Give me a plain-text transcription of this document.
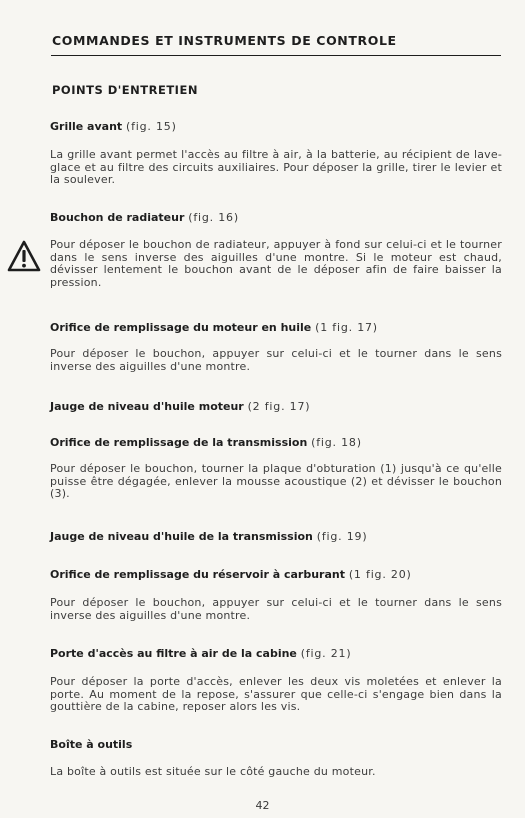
COMMANDES ET INSTRUMENTS DE CONTROLE
POINTS D'ENTRETIEN
Grille avant (fig. 15)
La grille avant permet l'accès au filtre à air, à la batterie, au récipient de lave-glace et au filtre des circuits auxiliaires. Pour déposer la grille, tirer le levier et la soulever.
Bouchon de radiateur (fig. 16)
Pour déposer le bouchon de radiateur, appuyer à fond sur celui-ci et le tourner dans le sens inverse des aiguilles d'une montre. Si le moteur est chaud, dévisser lentement le bouchon avant de le déposer afin de faire baisser la pression.
Orifice de remplissage du moteur en huile (1 fig. 17)
Pour déposer le bouchon, appuyer sur celui-ci et le tourner dans le sens inverse des aiguilles d'une montre.
Jauge de niveau d'huile moteur (2 fig. 17)
Orifice de remplissage de la transmission (fig. 18)
Pour déposer le bouchon, tourner la plaque d'obturation (1) jusqu'à ce qu'elle puisse être dégagée, enlever la mousse acoustique (2) et dévisser le bouchon (3).
Jauge de niveau d'huile de la transmission (fig. 19)
Orifice de remplissage du réservoir à carburant (1 fig. 20)
Pour déposer le bouchon, appuyer sur celui-ci et le tourner dans le sens inverse des aiguilles d'une montre.
Porte d'accès au filtre à air de la cabine (fig. 21)
Pour déposer la porte d'accès, enlever les deux vis moletées et enlever la porte. Au moment de la repose, s'assurer que celle-ci s'engage bien dans la gouttière de la cabine, reposer alors les vis.
Boîte à outils
La boîte à outils est située sur le côté gauche du moteur.
42
